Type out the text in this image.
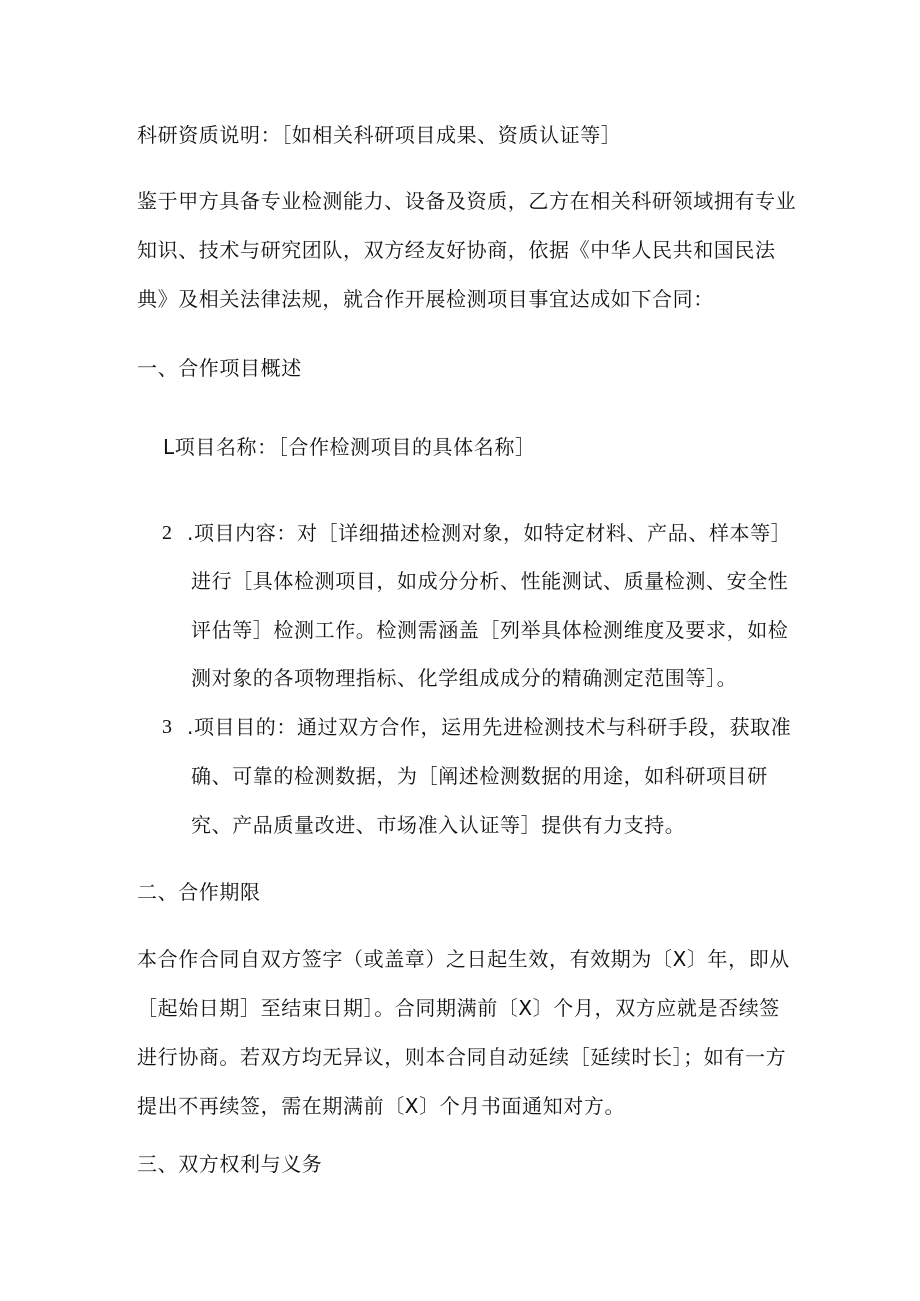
科研资质说明：［如相关科研项目成果、资质认证等］
鉴于甲方具备专业检测能力、设备及资质，乙方在相关科研领域拥有专业
知识、技术与研究团队，双方经友好协商，依据《中华人民共和国民法
典》及相关法律法规，就合作开展检测项目事宜达成如下合同：
一、合作项目概述
L项目名称：［合作检测项目的具体名称］
2 .项目内容：对［详细描述检测对象，如特定材料、产品、样本等］
进行［具体检测项目，如成分分析、性能测试、质量检测、安全性
评估等］检测工作。检测需涵盖［列举具体检测维度及要求，如检
测对象的各项物理指标、化学组成成分的精确测定范围等］。
3 .项目目的：通过双方合作，运用先进检测技术与科研手段，获取准
确、可靠的检测数据，为［阐述检测数据的用途，如科研项目研
究、产品质量改进、市场准入认证等］提供有力支持。
二、合作期限
本合作合同自双方签字（或盖章）之日起生效，有效期为〔X〕年，即从
［起始日期］至结束日期］。合同期满前〔X〕个月，双方应就是否续签
进行协商。若双方均无异议，则本合同自动延续［延续时长］；如有一方
提出不再续签，需在期满前〔X〕个月书面通知对方。
三、双方权利与义务
